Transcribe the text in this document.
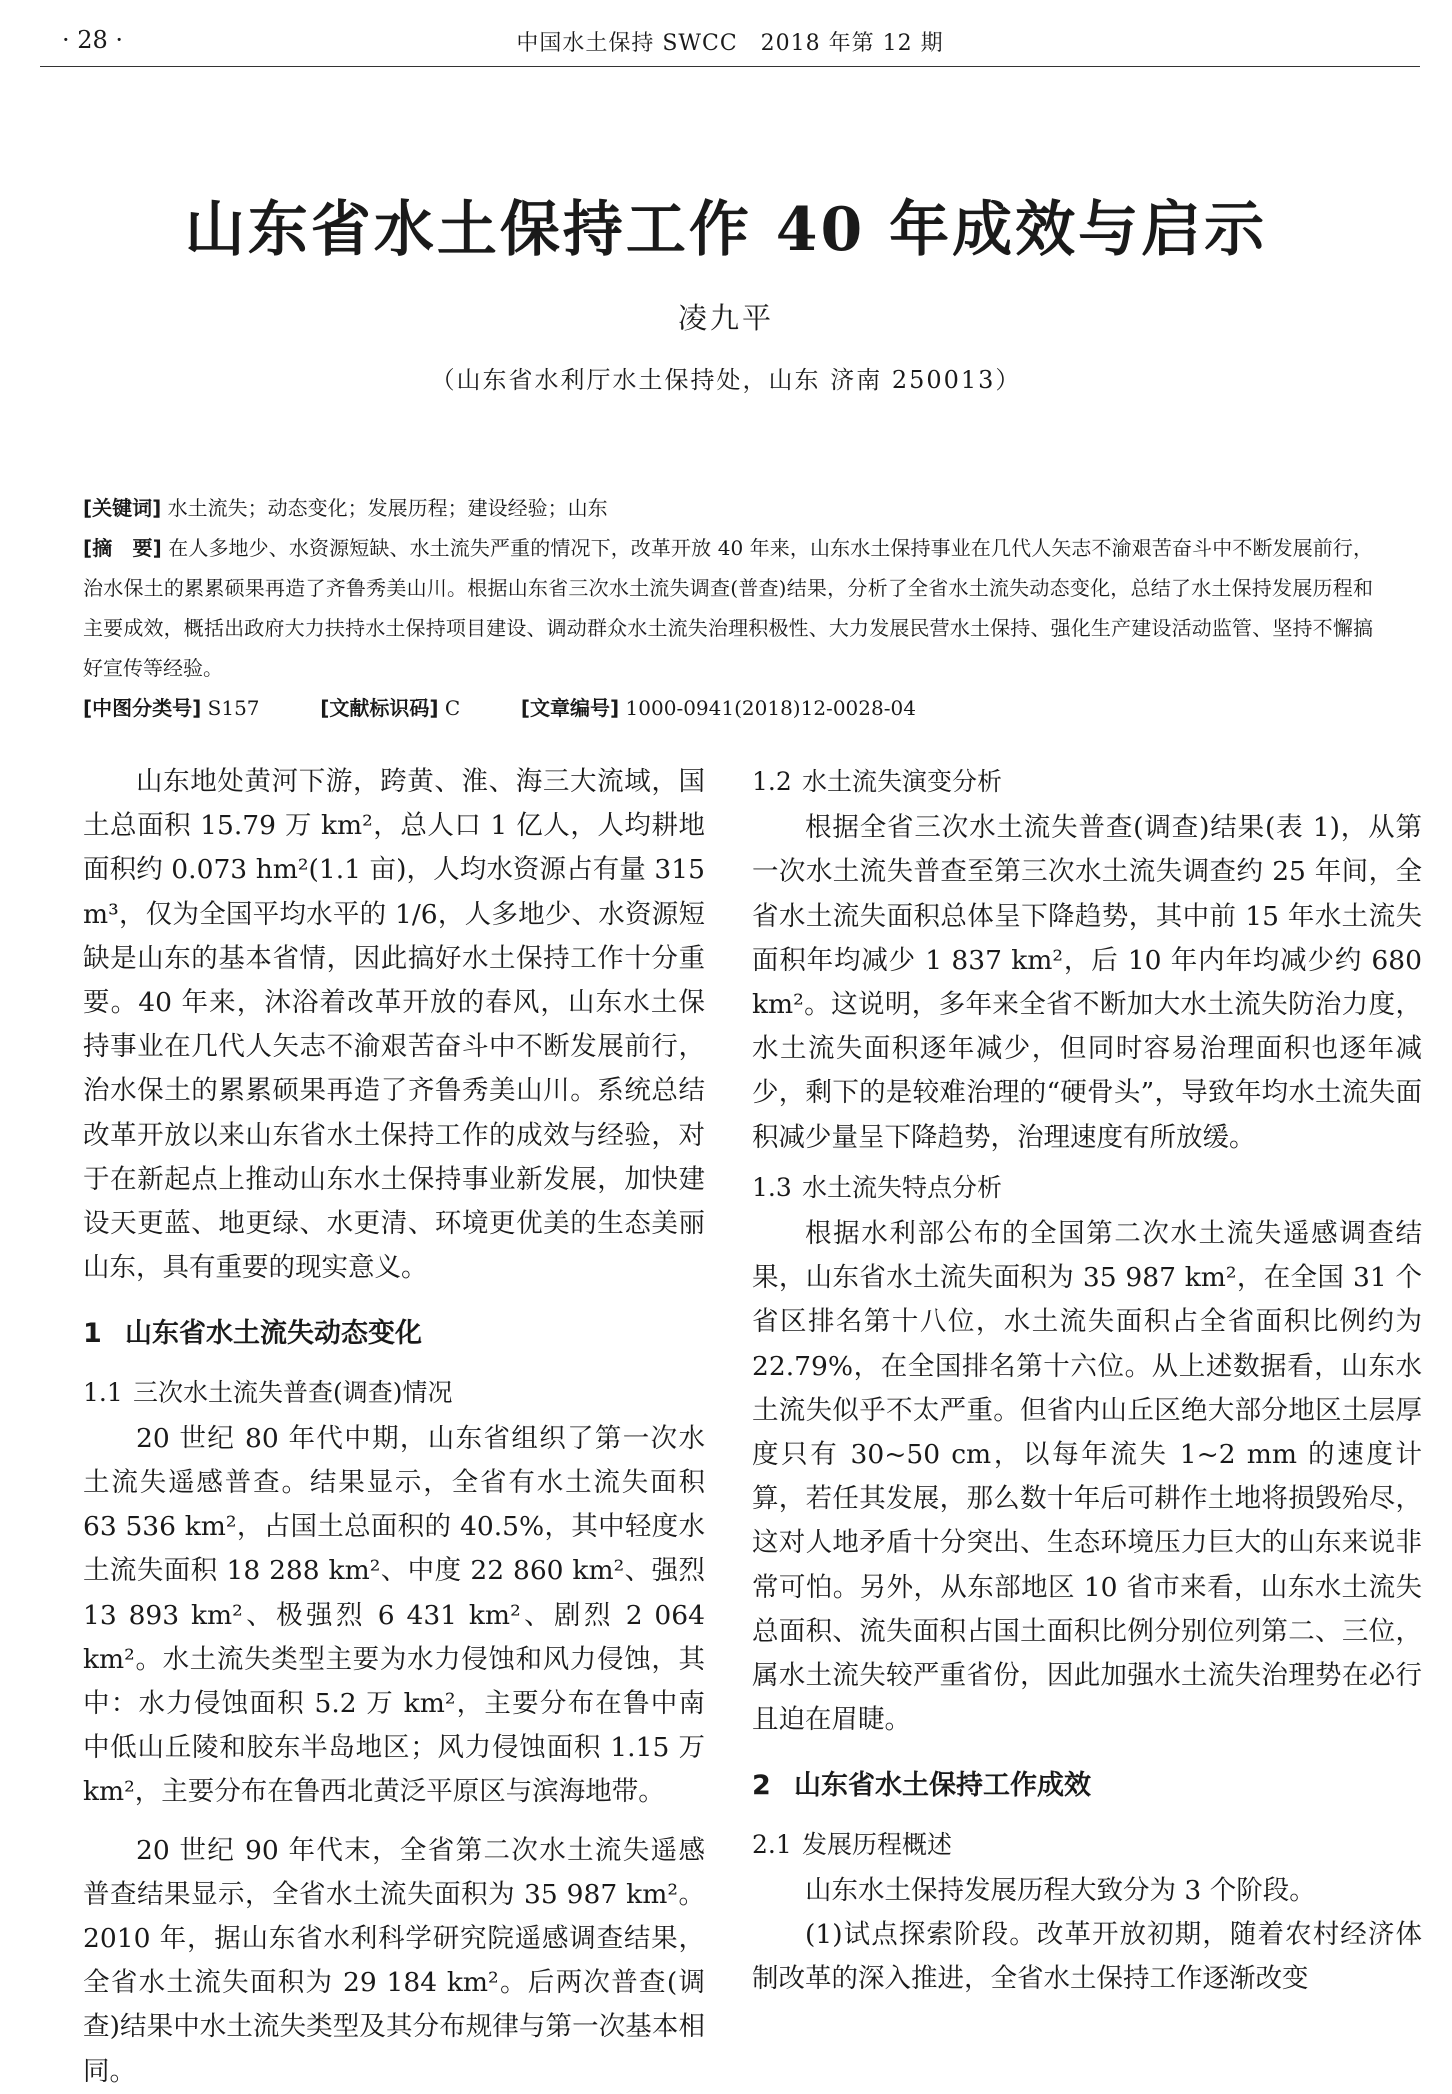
· 28 ·	中国水土保持 SWCC　2018 年第 12 期
山东省水土保持工作 40 年成效与启示
凌九平
（山东省水利厅水土保持处，山东 济南 250013）
[关键词] 水土流失；动态变化；发展历程；建设经验；山东
[摘　要] 在人多地少、水资源短缺、水土流失严重的情况下，改革开放 40 年来，山东水土保持事业在几代人矢志不渝艰苦奋斗中不断发展前行，治水保土的累累硕果再造了齐鲁秀美山川。根据山东省三次水土流失调查(普查)结果，分析了全省水土流失动态变化，总结了水土保持发展历程和主要成效，概括出政府大力扶持水土保持项目建设、调动群众水土流失治理积极性、大力发展民营水土保持、强化生产建设活动监管、坚持不懈搞好宣传等经验。
[中图分类号] S157	[文献标识码] C	[文章编号] 1000-0941(2018)12-0028-04

山东地处黄河下游，跨黄、淮、海三大流域，国土总面积 15.79 万 km²，总人口 1 亿人，人均耕地面积约 0.073 hm²(1.1 亩)，人均水资源占有量 315 m³，仅为全国平均水平的 1/6，人多地少、水资源短缺是山东的基本省情，因此搞好水土保持工作十分重要。40 年来，沐浴着改革开放的春风，山东水土保持事业在几代人矢志不渝艰苦奋斗中不断发展前行，治水保土的累累硕果再造了齐鲁秀美山川。系统总结改革开放以来山东省水土保持工作的成效与经验，对于在新起点上推动山东水土保持事业新发展，加快建设天更蓝、地更绿、水更清、环境更优美的生态美丽山东，具有重要的现实意义。

1 山东省水土流失动态变化
1.1 三次水土流失普查(调查)情况

20 世纪 80 年代中期，山东省组织了第一次水土流失遥感普查。结果显示，全省有水土流失面积 63 536 km²，占国土总面积的 40.5%，其中轻度水土流失面积 18 288 km²、中度 22 860 km²、强烈 13 893 km²、极强烈 6 431 km²、剧烈 2 064 km²。水土流失类型主要为水力侵蚀和风力侵蚀，其中：水力侵蚀面积 5.2 万 km²，主要分布在鲁中南中低山丘陵和胶东半岛地区；风力侵蚀面积 1.15 万 km²，主要分布在鲁西北黄泛平原区与滨海地带。

20 世纪 90 年代末，全省第二次水土流失遥感普查结果显示，全省水土流失面积为 35 987 km²。2010 年，据山东省水利科学研究院遥感调查结果，全省水土流失面积为 29 184 km²。后两次普查(调查)结果中水土流失类型及其分布规律与第一次基本相同。

1.2 水土流失演变分析

根据全省三次水土流失普查(调查)结果(表 1)，从第一次水土流失普查至第三次水土流失调查约 25 年间，全省水土流失面积总体呈下降趋势，其中前 15 年水土流失面积年均减少 1 837 km²，后 10 年内年均减少约 680 km²。这说明，多年来全省不断加大水土流失防治力度，水土流失面积逐年减少，但同时容易治理面积也逐年减少，剩下的是较难治理的“硬骨头”，导致年均水土流失面积减少量呈下降趋势，治理速度有所放缓。

1.3 水土流失特点分析

根据水利部公布的全国第二次水土流失遥感调查结果，山东省水土流失面积为 35 987 km²，在全国 31 个省区排名第十八位，水土流失面积占全省面积比例约为 22.79%，在全国排名第十六位。从上述数据看，山东水土流失似乎不太严重。但省内山丘区绝大部分地区土层厚度只有 30~50 cm，以每年流失 1~2 mm 的速度计算，若任其发展，那么数十年后可耕作土地将损毁殆尽，这对人地矛盾十分突出、生态环境压力巨大的山东来说非常可怕。另外，从东部地区 10 省市来看，山东水土流失总面积、流失面积占国土面积比例分别位列第二、三位，属水土流失较严重省份，因此加强水土流失治理势在必行且迫在眉睫。

2 山东省水土保持工作成效
2.1 发展历程概述

山东水土保持发展历程大致分为 3 个阶段。

(1)试点探索阶段。改革开放初期，随着农村经济体制改革的深入推进，全省水土保持工作逐渐改变
